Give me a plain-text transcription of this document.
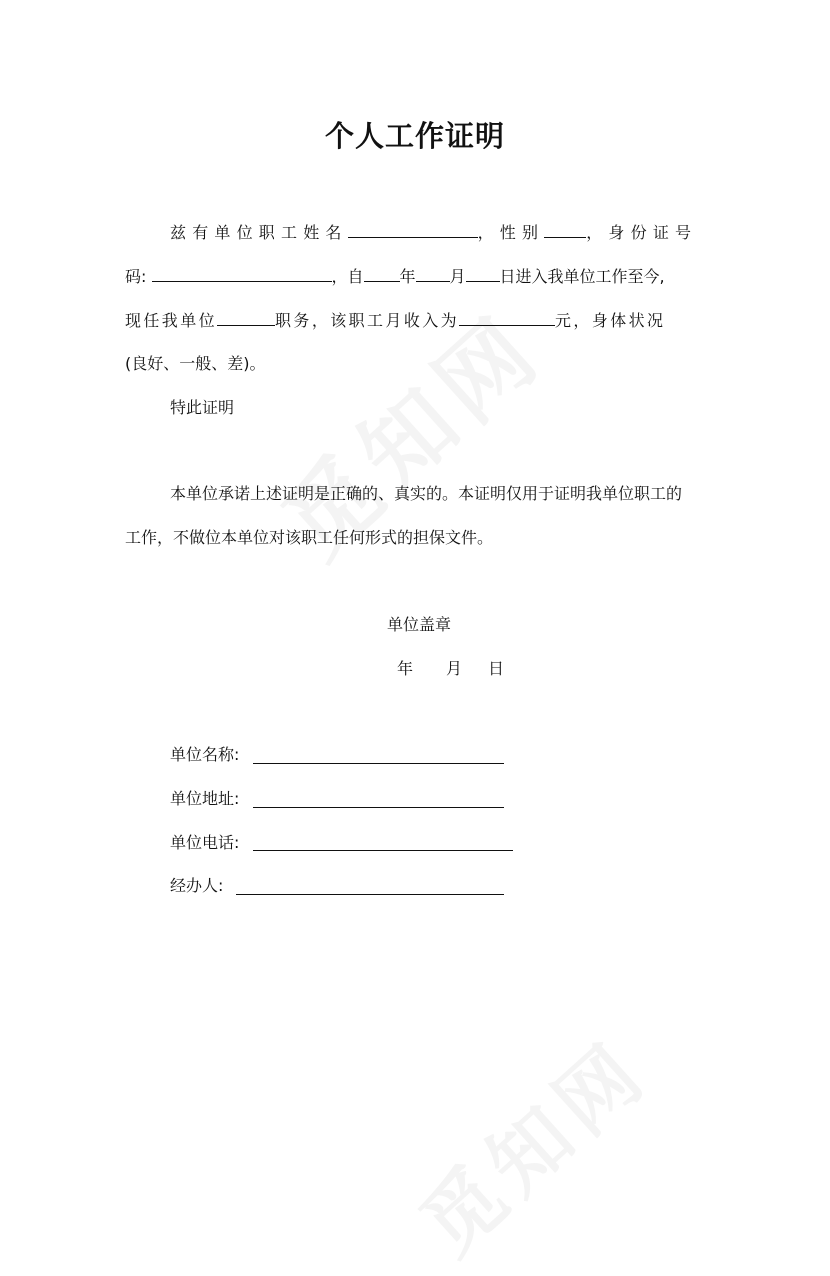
个人工作证明
兹有单位职工姓名	，性别	，身份证号
码:	，自 年 月 日进入我单位工作至今,
现任我单位	职务，该职工月收入为	元，身体状况
(良好、一般、差)。
特此证明
本单位承诺上述证明是正确的、真实的。本证明仅用于证明我单位职工的
工作，不做位本单位对该职工任何形式的担保文件。
单位盖章
年 月 日
单位名称:
单位地址:
单位电话:
经办人:
